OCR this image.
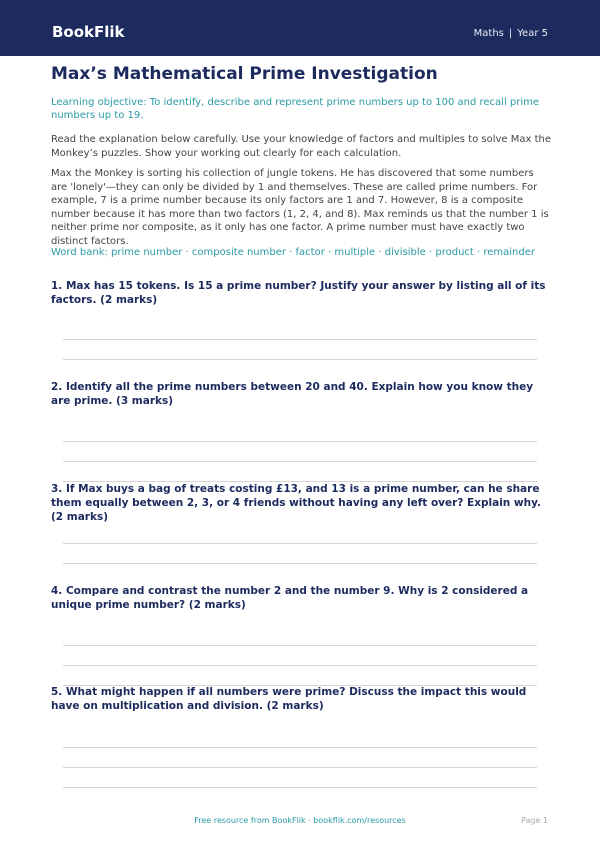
BookFlik	Maths | Year 5
Max’s Mathematical Prime Investigation
Learning objective: To identify, describe and represent prime numbers up to 100 and recall prime numbers up to 19.
Read the explanation below carefully. Use your knowledge of factors and multiples to solve Max the Monkey’s puzzles. Show your working out clearly for each calculation.
Max the Monkey is sorting his collection of jungle tokens. He has discovered that some numbers are 'lonely'—they can only be divided by 1 and themselves. These are called prime numbers. For example, 7 is a prime number because its only factors are 1 and 7. However, 8 is a composite number because it has more than two factors (1, 2, 4, and 8). Max reminds us that the number 1 is neither prime nor composite, as it only has one factor. A prime number must have exactly two distinct factors.
Word bank: prime number · composite number · factor · multiple · divisible · product · remainder
1. Max has 15 tokens. Is 15 a prime number? Justify your answer by listing all of its factors. (2 marks)
2. Identify all the prime numbers between 20 and 40. Explain how you know they are prime. (3 marks)
3. If Max buys a bag of treats costing £13, and 13 is a prime number, can he share them equally between 2, 3, or 4 friends without having any left over? Explain why. (2 marks)
4. Compare and contrast the number 2 and the number 9. Why is 2 considered a unique prime number? (2 marks)
5. What might happen if all numbers were prime? Discuss the impact this would have on multiplication and division. (2 marks)
Free resource from BookFlik · bookflik.com/resources	Page 1
